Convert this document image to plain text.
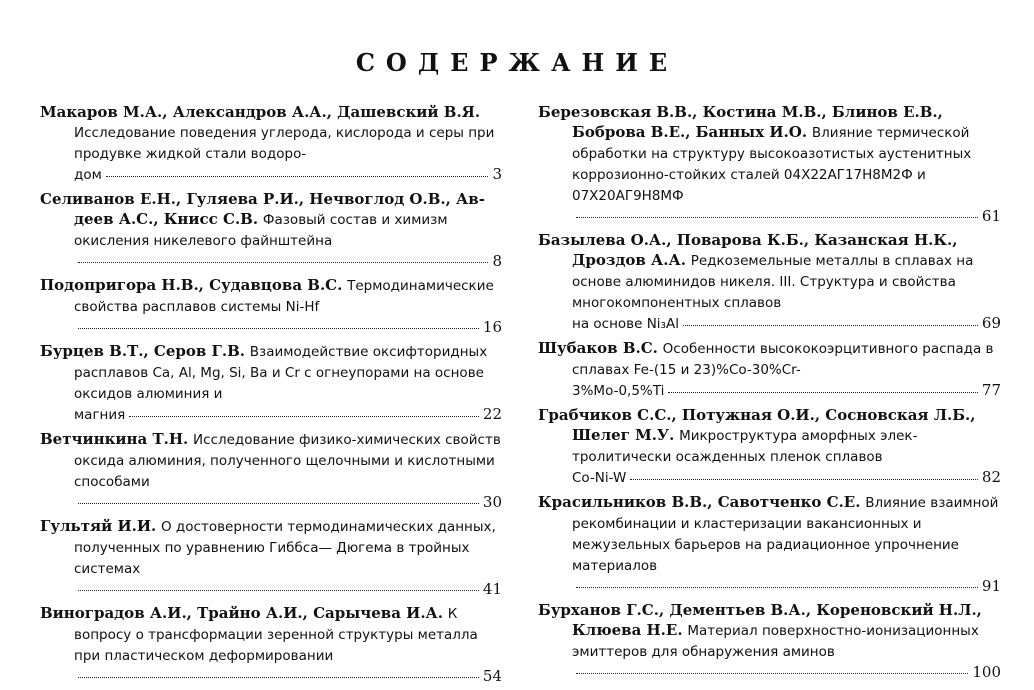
СОДЕРЖАНИЕ
Макаров М.А., Александров А.А., Дашевский В.Я. Исследование поведения углерода, кислорода и серы при продувке жидкой стали водоро-
дом	3
Селиванов Е.Н., Гуляева Р.И., Нечвоглод О.В., Авдеев А.С., Книсс С.В. Фазовый состав и химизм окисления никелевого файнштейна
8
Подопригора Н.В., Судавцова В.С. Термодинамические свойства расплавов системы Ni-Hf
16
Бурцев В.Т., Серов Г.В. Взаимодействие оксифторидных расплавов Ca, Al, Mg, Si, Ba и Cr с огнеупорами на основе оксидов алюминия и
магния	22
Ветчинкина Т.Н. Исследование физико-химических свойств оксида алюминия, полученного щелочными и кислотными способами
30
Гультяй И.И. О достоверности термодинамических данных, полученных по уравнению Гиббса— Дюгема в тройных системах
41
Виноградов А.И., Трайно А.И., Сарычева И.А. К вопросу о трансформации зеренной структуры металла при пластическом деформировании
54
Березовская В.В., Костина М.В., Блинов Е.В., Боброва В.Е., Банных И.О. Влияние термической обработки на структуру высокоазотистых аустенитных коррозионно-стойких сталей 04Х22АГ17Н8М2Ф и 07Х20АГ9Н8МФ
61
Базылева О.А., Поварова К.Б., Казанская Н.К., Дроздов А.А. Редкоземельные металлы в сплавах на основе алюминидов никеля. III. Структура и свойства многокомпонентных сплавов
на основе Ni₃Al	69
Шубаков В.С. Особенности высококоэрцитивного распада в сплавах Fe-(15 и 23)%Co-30%Cr-
3%Mo-0,5%Ti	77
Грабчиков С.С., Потужная О.И., Сосновская Л.Б., Шелег М.У. Микроструктура аморфных электролитически осажденных пленок сплавов
Co-Ni-W	82
Красильников В.В., Савотченко С.Е. Влияние взаимной рекомбинации и кластеризации вакансионных и межузельных барьеров на радиационное упрочнение материалов
91
Бурханов Г.С., Дементьев В.А., Кореновский Н.Л., Клюева Н.Е. Материал поверхностно-ионизационных эмиттеров для обнаружения аминов
100
